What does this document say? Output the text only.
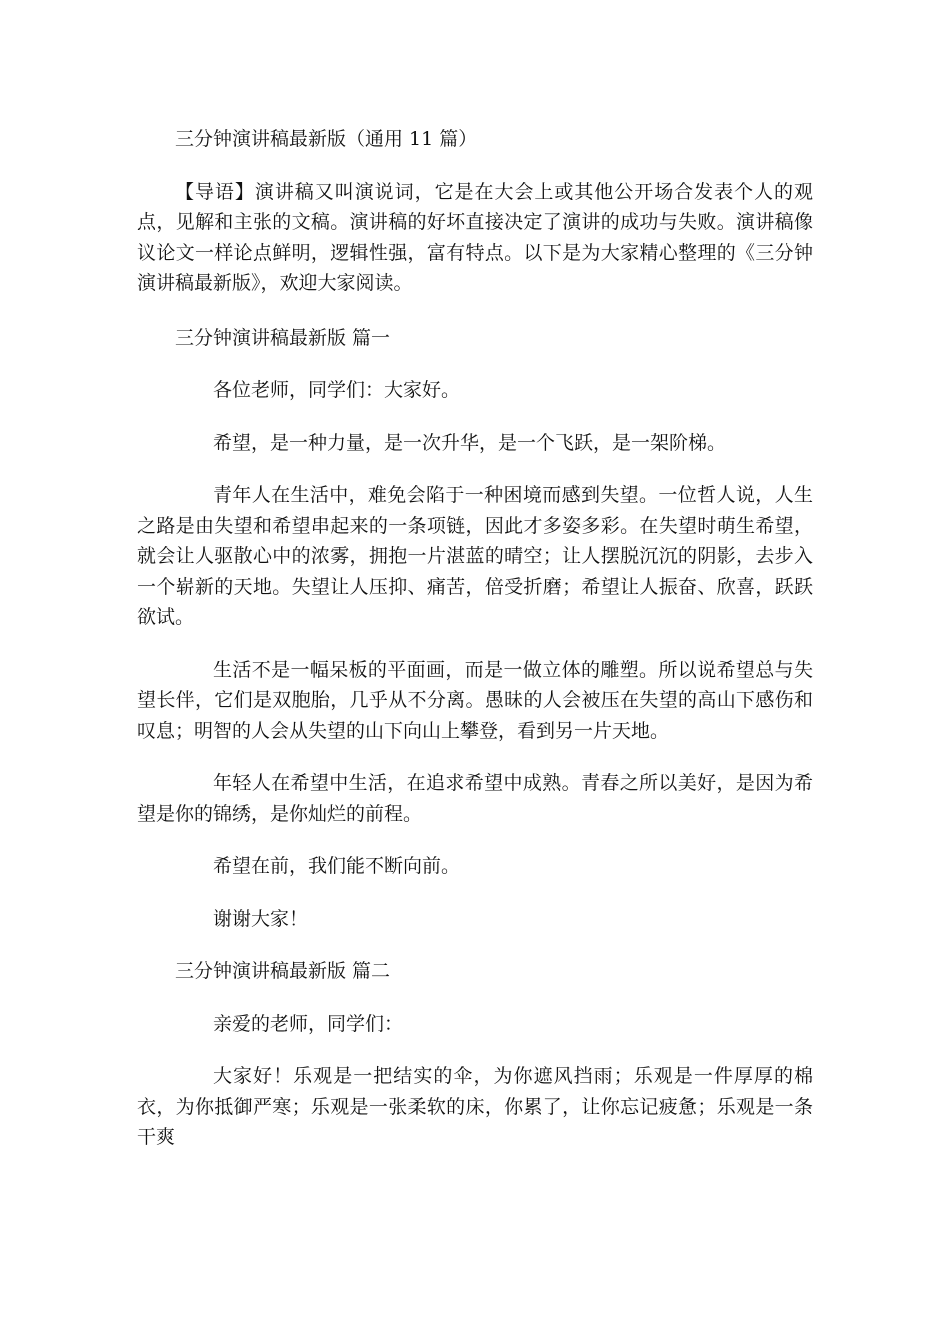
三分钟演讲稿最新版（通用 11 篇）

【导语】演讲稿又叫演说词，它是在大会上或其他公开场合发表个人的观点，见解和主张的文稿。演讲稿的好坏直接决定了演讲的成功与失败。演讲稿像议论文一样论点鲜明，逻辑性强，富有特点。以下是为大家精心整理的《三分钟演讲稿最新版》，欢迎大家阅读。

三分钟演讲稿最新版 篇一

各位老师，同学们：大家好。

希望，是一种力量，是一次升华，是一个飞跃，是一架阶梯。

青年人在生活中，难免会陷于一种困境而感到失望。一位哲人说，人生之路是由失望和希望串起来的一条项链，因此才多姿多彩。在失望时萌生希望，就会让人驱散心中的浓雾，拥抱一片湛蓝的晴空；让人摆脱沉沉的阴影，去步入一个崭新的天地。失望让人压抑、痛苦，倍受折磨；希望让人振奋、欣喜，跃跃欲试。

生活不是一幅呆板的平面画，而是一做立体的雕塑。所以说希望总与失望长伴，它们是双胞胎，几乎从不分离。愚昧的人会被压在失望的高山下感伤和叹息；明智的人会从失望的山下向山上攀登，看到另一片天地。

年轻人在希望中生活，在追求希望中成熟。青春之所以美好，是因为希望是你的锦绣，是你灿烂的前程。

希望在前，我们能不断向前。

谢谢大家！

三分钟演讲稿最新版 篇二

亲爱的老师，同学们：

大家好！乐观是一把结实的伞，为你遮风挡雨；乐观是一件厚厚的棉衣，为你抵御严寒；乐观是一张柔软的床，你累了，让你忘记疲惫；乐观是一条干爽
